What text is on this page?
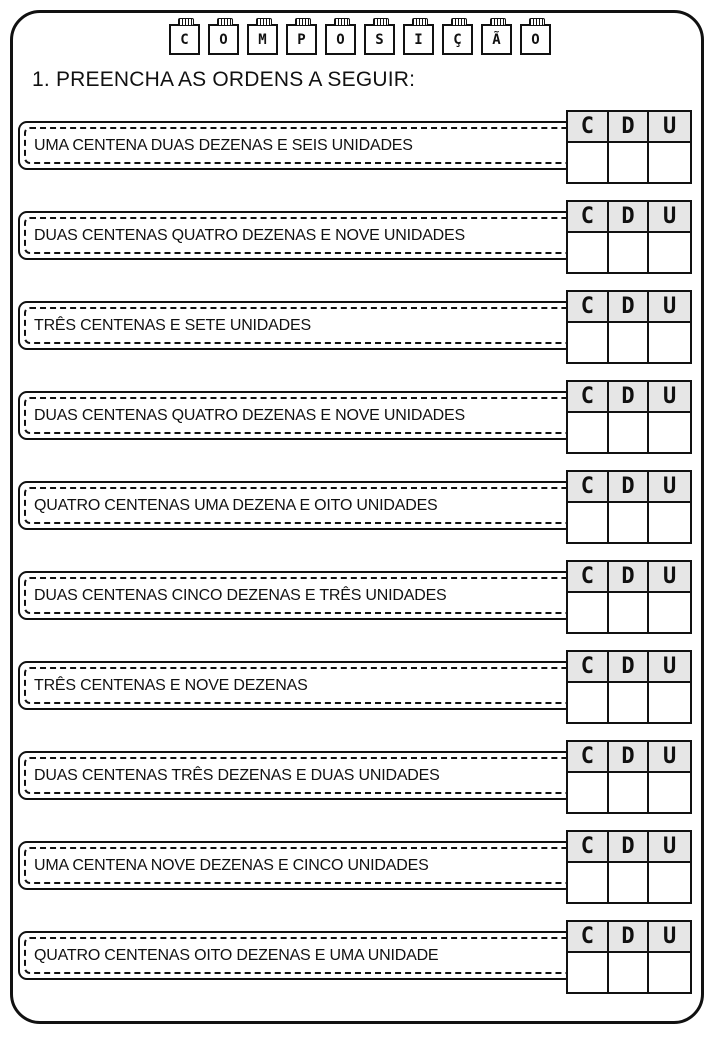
C O M P O S I Ç Ã O
1. PREENCHA AS ORDENS A SEGUIR:
UMA CENTENA DUAS DEZENAS E SEIS UNIDADES
C	D	U
DUAS CENTENAS QUATRO DEZENAS E NOVE UNIDADES
C	D	U
TRÊS CENTENAS E SETE UNIDADES
C	D	U
DUAS CENTENAS QUATRO DEZENAS E NOVE UNIDADES
C	D	U
QUATRO CENTENAS UMA DEZENA E OITO UNIDADES
C	D	U
DUAS CENTENAS CINCO DEZENAS E TRÊS UNIDADES
C	D	U
TRÊS CENTENAS E NOVE DEZENAS
C	D	U
DUAS CENTENAS TRÊS DEZENAS E DUAS UNIDADES
C	D	U
UMA CENTENA NOVE DEZENAS E CINCO UNIDADES
C	D	U
QUATRO CENTENAS OITO DEZENAS E UMA UNIDADE
C	D	U
